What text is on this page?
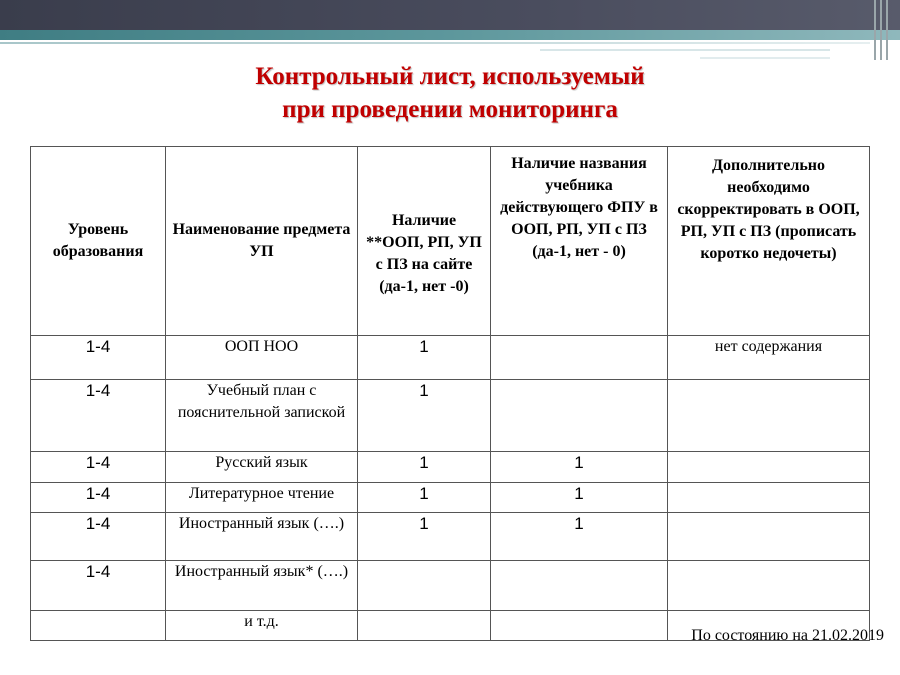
Контрольный лист, используемый
при проведении мониторинга
Уровень образования	Наименование предмета УП	Наличие **ООП, РП, УП с ПЗ на сайте (да-1, нет -0)	Наличие названия учебника действующего ФПУ в ООП, РП, УП с ПЗ (да-1, нет - 0)	Дополнительно необходимо скорректировать в ООП, РП, УП с ПЗ (прописать коротко недочеты)
1-4	ООП НОО	1		нет содержания
1-4	Учебный план с пояснительной запиской	1		
1-4	Русский язык	1	1	
1-4	Литературное чтение	1	1	
1-4	Иностранный язык (….)	1	1	
1-4	Иностранный язык* (….)			
	и т.д.			
По состоянию на 21.02.2019
